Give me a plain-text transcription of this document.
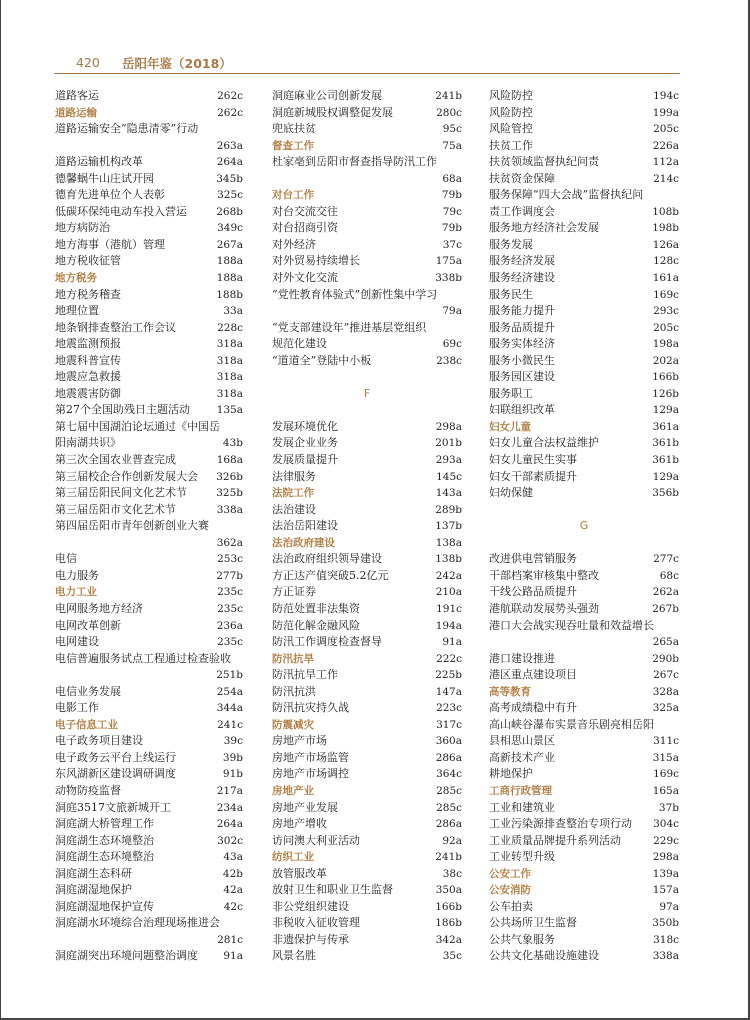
420 岳阳年鉴（2018）
道路客运	262c
道路运输	262c
道路运输安全“隐患清零”行动
263a
道路运输机构改革	264a
德馨蜗牛山庄试开园	345b
德育先进单位个人表彰	325c
低碳环保纯电动车投入营运	268b
地方病防治	349c
地方海事（港航）管理	267a
地方税收征管	188a
地方税务	188a
地方税务稽查	188b
地理位置	33a
地条钢排查整治工作会议	228c
地震监测预报	318a
地震科普宣传	318a
地震应急救援	318a
地震震害防御	318a
第27个全国助残日主题活动	135a
第七届中国湖泊论坛通过《中国岳
阳南湖共识》	43b
第三次全国农业普查完成	168a
第三届校企合作创新发展大会 326b
第三届岳阳民间文化艺术节	325b
第三届岳阳市文化艺术节	338a
第四届岳阳市青年创新创业大赛
362a
电信	253c
电力服务	277b
电力工业	235c
电网服务地方经济	235c
电网改革创新	236a
电网建设	235c
电信普遍服务试点工程通过检查验收
251b
电信业务发展	254a
电影工作	344a
电子信息工业	241c
电子政务项目建设	39c
电子政务云平台上线运行	39b
东风湖新区建设调研调度	91b
动物防疫监督	217a
洞庭3517文旅新城开工	234a
洞庭湖大桥管理工作	264a
洞庭湖生态环境整治	302c
洞庭湖生态环境整治	43a
洞庭湖生态科研	42b
洞庭湖湿地保护	42a
洞庭湖湿地保护宣传	42c
洞庭湖水环境综合治理现场推进会
281c
洞庭湖突出环境问题整治调度 91a
洞庭麻业公司创新发展	241b
洞庭新城股权调整促发展	280c
兜底扶贫	95c
督查工作	75a
杜家亳到岳阳市督查指导防汛工作
68a
对台工作	79b
对台交流交往	79c
对台招商引资	79b
对外经济	37c
对外贸易持续增长	175a
对外文化交流	338b
“党性教育体验式”创新性集中学习
79a
“党支部建设年”推进基层党组织
规范化建设	69c
“道道全”登陆中小板	238c
F
发展环境优化	298a
发展企业业务	201b
发展质量提升	293a
法律服务	145c
法院工作	143a
法治建设	289b
法治岳阳建设	137b
法治政府建设	138a
法治政府组织领导建设	138b
方正达产值突破5.2亿元	242a
方正证券	210a
防范处置非法集资	191c
防范化解金融风险	194a
防汛工作调度检查督导	91a
防汛抗旱	222c
防汛抗旱工作	225b
防汛抗洪	147a
防汛抗灾持久战	223c
防震减灾	317c
房地产市场	360a
房地产市场监管	286a
房地产市场调控	364c
房地产业	285c
房地产业发展	285c
房地产增收	286a
访问澳大利亚活动	92a
纺织工业	241b
放管服改革	38c
放射卫生和职业卫生监督	350a
非公党组织建设	166b
非税收入征收管理	186b
非遗保护与传承	342a
风景名胜	35c
风险防控	194c
风险防控	199a
风险管控	205c
扶贫工作	226a
扶贫领域监督执纪问责	112a
扶贫资金保障	214c
服务保障“四大会战”监督执纪问
责工作调度会	108b
服务地方经济社会发展	198b
服务发展	126a
服务经济发展	128c
服务经济建设	161a
服务民生	169c
服务能力提升	293c
服务品质提升	205c
服务实体经济	198a
服务小微民生	202a
服务园区建设	166b
服务职工	126b
妇联组织改革	129a
妇女儿童	361a
妇女儿童合法权益维护	361b
妇女儿童民生实事	361b
妇女干部素质提升	129a
妇幼保健	356b
G
改进供电营销服务	277c
干部档案审核集中整改	68c
干线公路品质提升	262a
港航联动发展势头强劲	267b
港口大会战实现吞吐量和效益增长
265a
港口建设推进	290b
港区重点建设项目	267c
高等教育	328a
高考成绩稳中有升	325a
高山峡谷瀑布实景音乐剧亮相岳阳
县相思山景区	311c
高新技术产业	315a
耕地保护	169c
工商行政管理	165a
工业和建筑业	37b
工业污染源排查整治专项行动 304c
工业质量品牌提升系列活动	229c
工业转型升级	298a
公安工作	139a
公安消防	157a
公车拍卖	97a
公共场所卫生监督	350b
公共气象服务	318c
公共文化基础设施建设	338a
